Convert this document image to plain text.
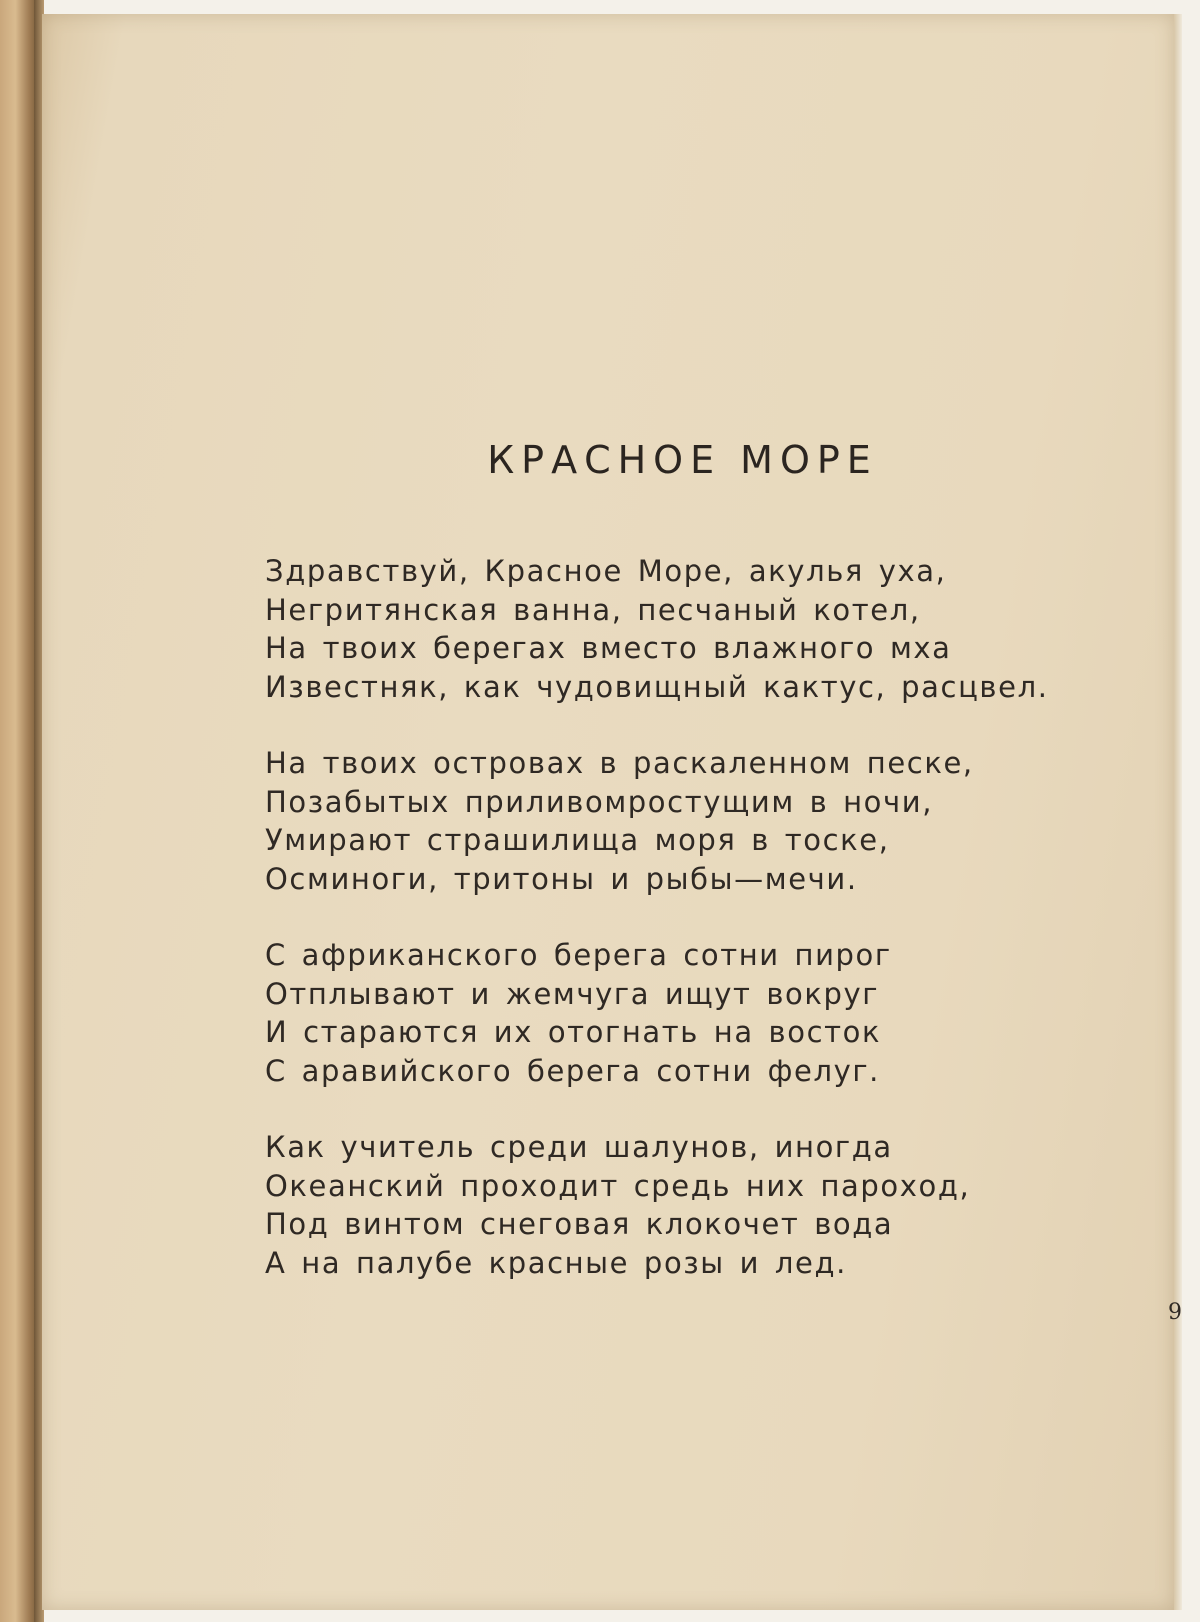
КРАСНОЕ МОРЕ
Здравствуй, Красное Море, акулья уха,
Негритянская ванна, песчаный котел,
На твоих берегах вместо влажного мха
Известняк, как чудовищный кактус, расцвел.
На твоих островах в раскаленном песке,
Позабытых приливомростущим в ночи,
Умирают страшилища моря в тоске,
Осминоги, тритоны и рыбы—мечи.
С африканского берега сотни пирог
Отплывают и жемчуга ищут вокруг
И стараются их отогнать на восток
С аравийского берега сотни фелуг.
Как учитель среди шалунов, иногда
Океанский проходит средь них пароход,
Под винтом снеговая клокочет вода
А на палубе красные розы и лед.
9
